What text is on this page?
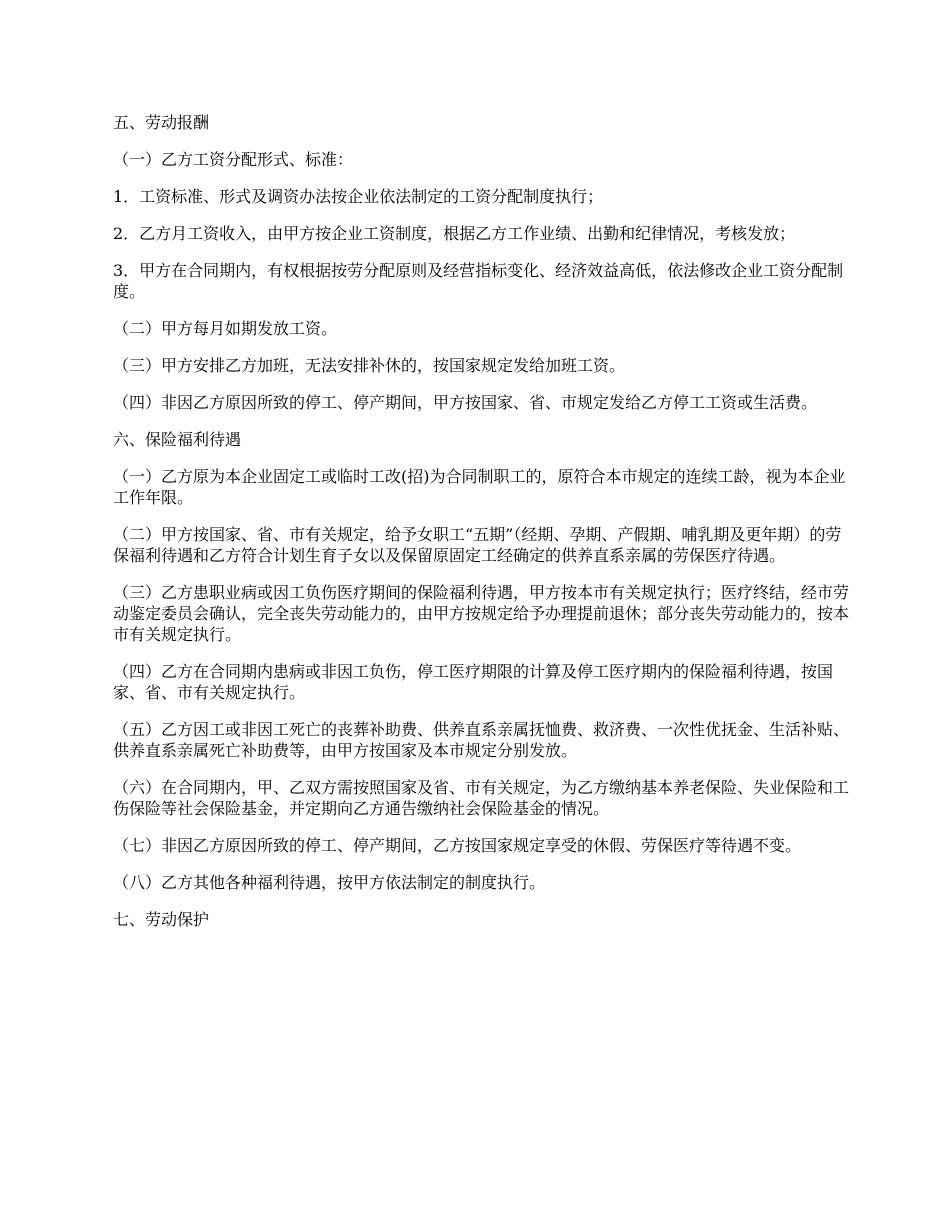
五、劳动报酬

（一）乙方工资分配形式、标准：

1．工资标准、形式及调资办法按企业依法制定的工资分配制度执行；

2．乙方月工资收入，由甲方按企业工资制度，根据乙方工作业绩、出勤和纪律情况，考核发放；

3．甲方在合同期内，有权根据按劳分配原则及经营指标变化、经济效益高低，依法修改企业工资分配制度。

（二）甲方每月如期发放工资。

（三）甲方安排乙方加班，无法安排补休的，按国家规定发给加班工资。

（四）非因乙方原因所致的停工、停产期间，甲方按国家、省、市规定发给乙方停工工资或生活费。

六、保险福利待遇

（一）乙方原为本企业固定工或临时工改(招)为合同制职工的，原符合本市规定的连续工龄，视为本企业工作年限。

（二）甲方按国家、省、市有关规定，给予女职工“五期”（经期、孕期、产假期、哺乳期及更年期）的劳保福利待遇和乙方符合计划生育子女以及保留原固定工经确定的供养直系亲属的劳保医疗待遇。

（三）乙方患职业病或因工负伤医疗期间的保险福利待遇，甲方按本市有关规定执行；医疗终结，经市劳动鉴定委员会确认，完全丧失劳动能力的，由甲方按规定给予办理提前退休；部分丧失劳动能力的，按本市有关规定执行。

（四）乙方在合同期内患病或非因工负伤，停工医疗期限的计算及停工医疗期内的保险福利待遇，按国家、省、市有关规定执行。

（五）乙方因工或非因工死亡的丧葬补助费、供养直系亲属抚恤费、救济费、一次性优抚金、生活补贴、供养直系亲属死亡补助费等，由甲方按国家及本市规定分别发放。

（六）在合同期内，甲、乙双方需按照国家及省、市有关规定，为乙方缴纳基本养老保险、失业保险和工伤保险等社会保险基金，并定期向乙方通告缴纳社会保险基金的情况。

（七）非因乙方原因所致的停工、停产期间，乙方按国家规定享受的休假、劳保医疗等待遇不变。

（八）乙方其他各种福利待遇，按甲方依法制定的制度执行。

七、劳动保护
